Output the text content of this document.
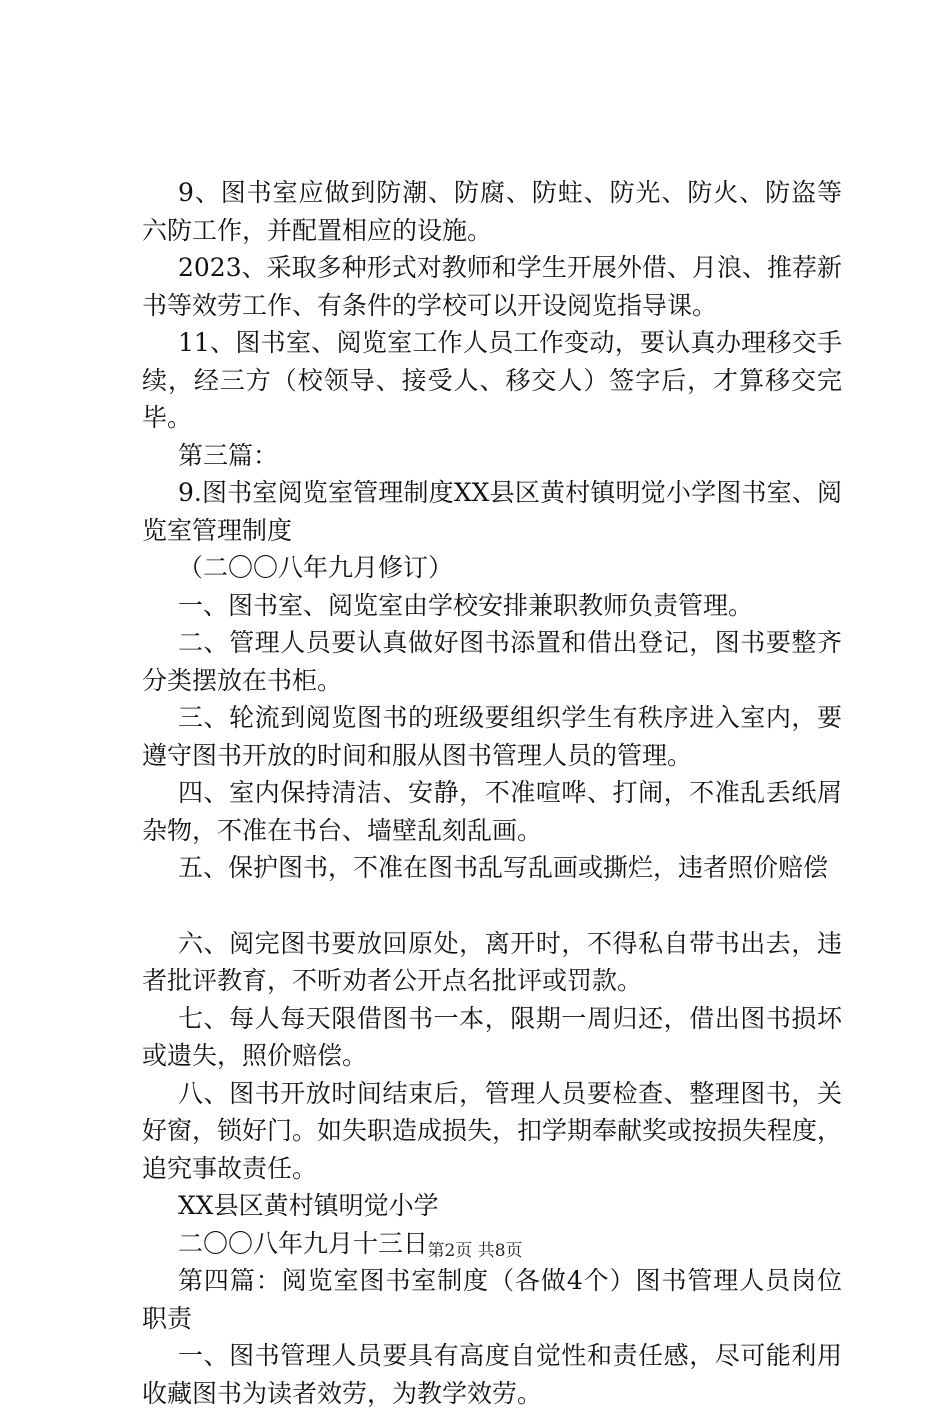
9、图书室应做到防潮、防腐、防蛀、防光、防火、防盗等六防工作，并配置相应的设施。

2023、采取多种形式对教师和学生开展外借、月浪、推荐新书等效劳工作、有条件的学校可以开设阅览指导课。

11、图书室、阅览室工作人员工作变动，要认真办理移交手续，经三方（校领导、接受人、移交人）签字后，才算移交完毕。

第三篇：

9.图书室阅览室管理制度XX县区黄村镇明觉小学图书室、阅览室管理制度

（二〇〇八年九月修订）

一、图书室、阅览室由学校安排兼职教师负责管理。

二、管理人员要认真做好图书添置和借出登记，图书要整齐分类摆放在书柜。

三、轮流到阅览图书的班级要组织学生有秩序进入室内，要遵守图书开放的时间和服从图书管理人员的管理。

四、室内保持清洁、安静，不准喧哗、打闹，不准乱丢纸屑杂物，不准在书台、墙壁乱刻乱画。

五、保护图书，不准在图书乱写乱画或撕烂，违者照价赔偿

六、阅完图书要放回原处，离开时，不得私自带书出去，违者批评教育，不听劝者公开点名批评或罚款。

七、每人每天限借图书一本，限期一周归还，借出图书损坏或遗失，照价赔偿。

八、图书开放时间结束后，管理人员要检查、整理图书，关好窗，锁好门。如失职造成损失，扣学期奉献奖或按损失程度，追究事故责任。

XX县区黄村镇明觉小学

二〇〇八年九月十三日

第四篇：阅览室图书室制度（各做4个）图书管理人员岗位职责

一、图书管理人员要具有高度自觉性和责任感，尽可能利用收藏图书为读者效劳，为教学效劳。

第2页 共8页
